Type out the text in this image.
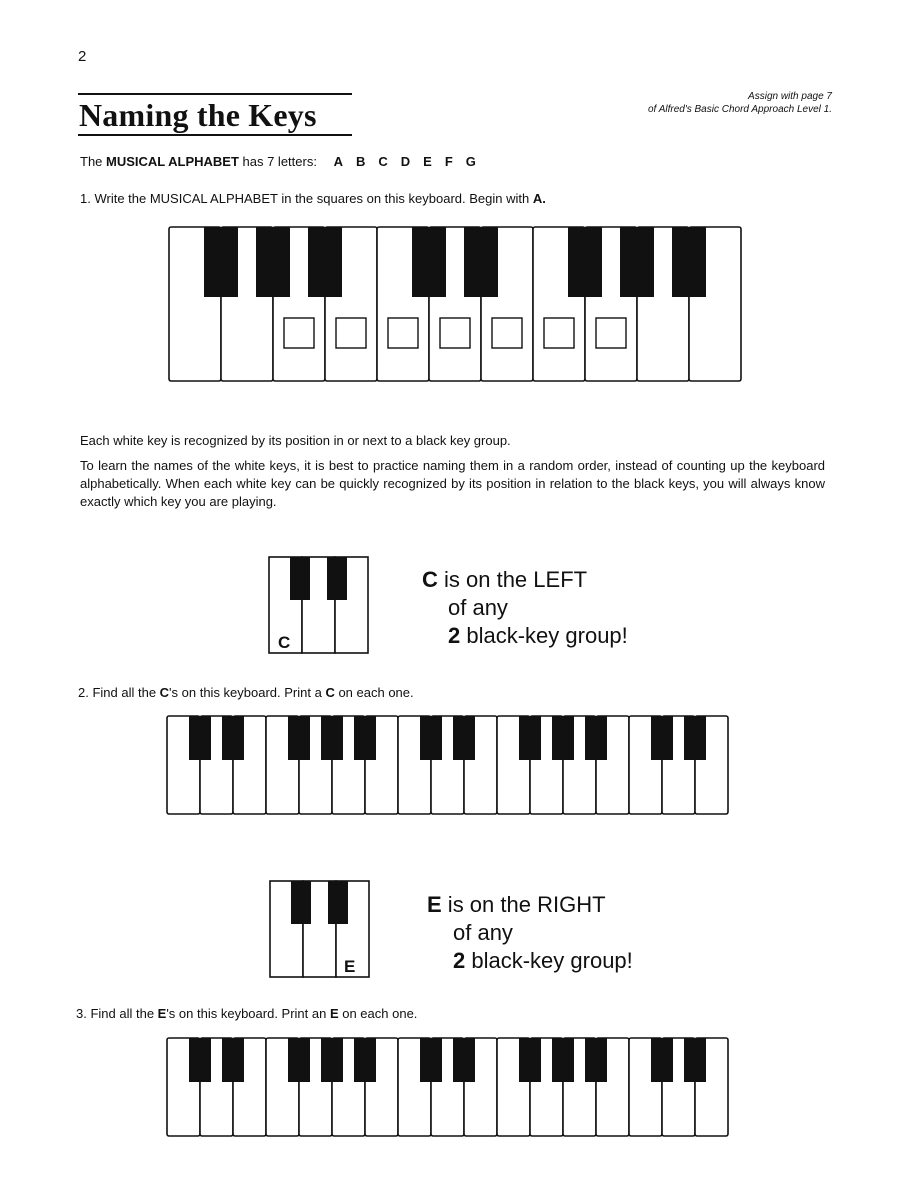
2
Naming the Keys
Assign with page 7
of Alfred's Basic Chord Approach Level 1.
The MUSICAL ALPHABET has 7 letters: A B C D E F G
1. Write the MUSICAL ALPHABET in the squares on this keyboard. Begin with A.
Each white key is recognized by its position in or next to a black key group.
To learn the names of the white keys, it is best to practice naming them in a random order, instead of counting up the keyboard alphabetically. When each white key can be quickly recognized by its position in relation to the black keys, you will always know exactly which key you are playing.
C
C is on the LEFT
of any
2 black-key group!
2. Find all the C's on this keyboard. Print a C on each one.
E
E is on the RIGHT
of any
2 black-key group!
3. Find all the E's on this keyboard. Print an E on each one.
